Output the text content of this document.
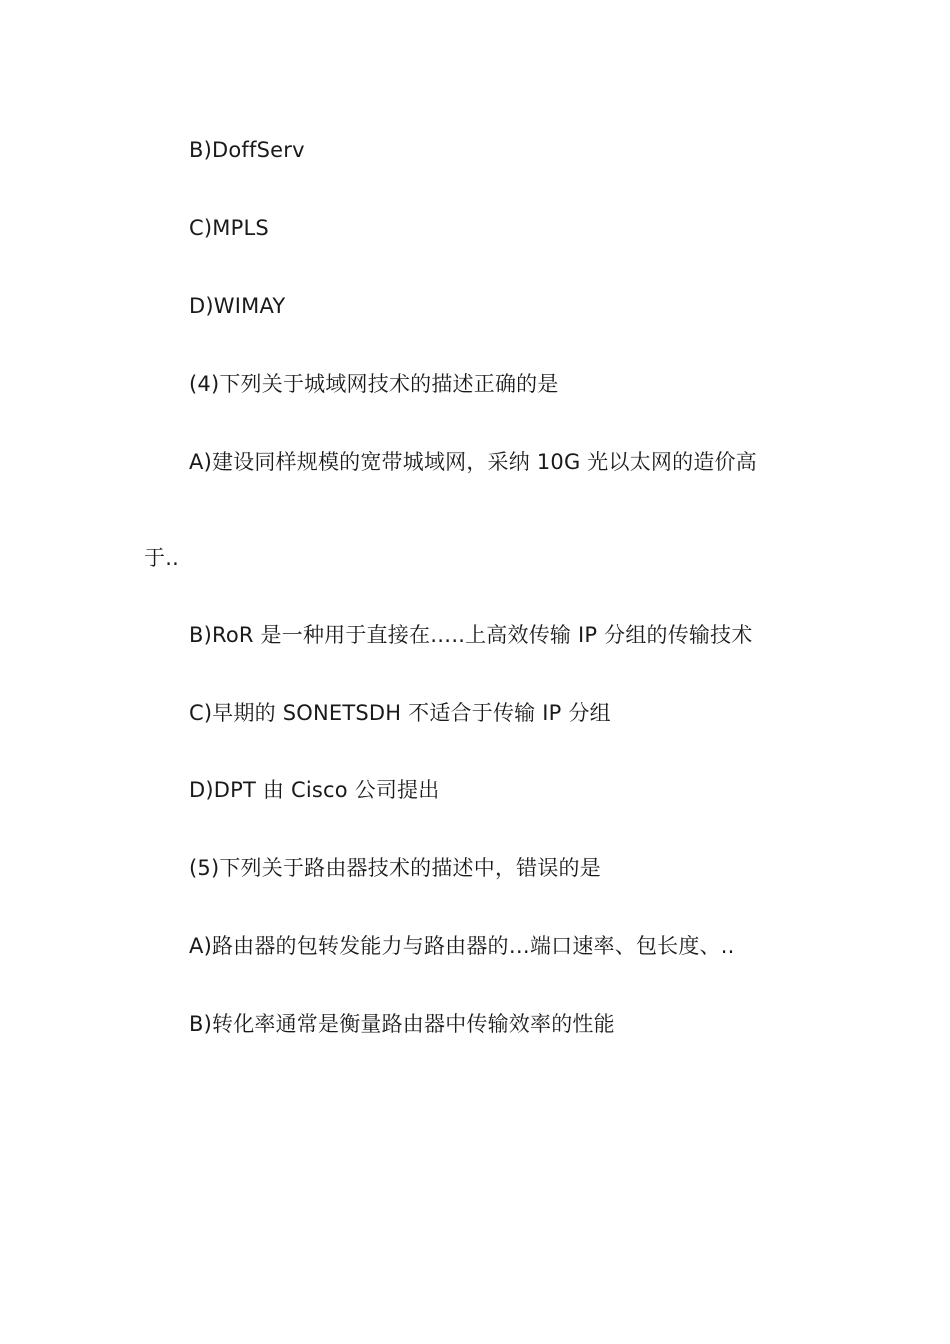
B)DoffServ
C)MPLS
D)WIMAY
(4)下列关于城域网技术的描述正确的是
A)建设同样规模的宽带城域网，采纳 10G 光以太网的造价高
于..
B)RoR 是一种用于直接在…..上高效传输 IP 分组的传输技术
C)早期的 SONETSDH 不适合于传输 IP 分组
D)DPT 由 Cisco 公司提出
(5)下列关于路由器技术的描述中，错误的是
A)路由器的包转发能力与路由器的…端口速率、包长度、..
B)转化率通常是衡量路由器中传输效率的性能
